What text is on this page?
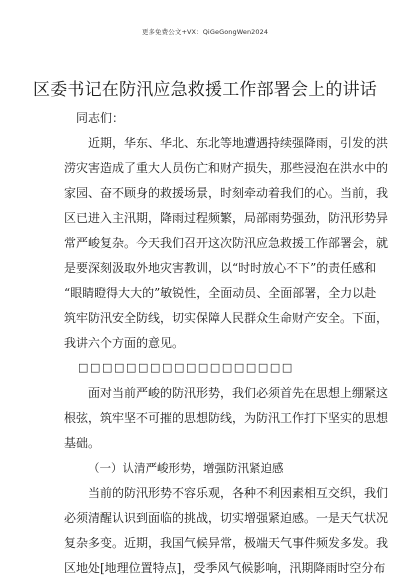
更多免费公文+VX：QiGeGongWen2024
区委书记在防汛应急救援工作部署会上的讲话
同志们：
近期，华东、华北、东北等地遭遇持续强降雨，引发的洪
涝灾害造成了重大人员伤亡和财产损失，那些浸泡在洪水中的
家园、奋不顾身的救援场景，时刻牵动着我们的心。当前，我
区已进入主汛期，降雨过程频繁，局部雨势强劲，防汛形势异
常严峻复杂。今天我们召开这次防汛应急救援工作部署会，就
是要深刻汲取外地灾害教训，以“时时放心不下”的责任感和
“眼睛瞪得大大的”敏锐性，全面动员、全面部署，全力以赴
筑牢防汛安全防线，切实保障人民群众生命财产安全。下面，
我讲六个方面的意见。
□□□□□□□□□□□□□□□□□□
面对当前严峻的防汛形势，我们必须首先在思想上绷紧这
根弦，筑牢坚不可摧的思想防线，为防汛工作打下坚实的思想
基础。
（一）认清严峻形势，增强防汛紧迫感
当前的防汛形势不容乐观，各种不利因素相互交织，我们
必须清醒认识到面临的挑战，切实增强紧迫感。一是天气状况
复杂多变。近期，我国气候异常，极端天气事件频发多发。我
区地处[地理位置特点]，受季风气候影响，汛期降雨时空分布
